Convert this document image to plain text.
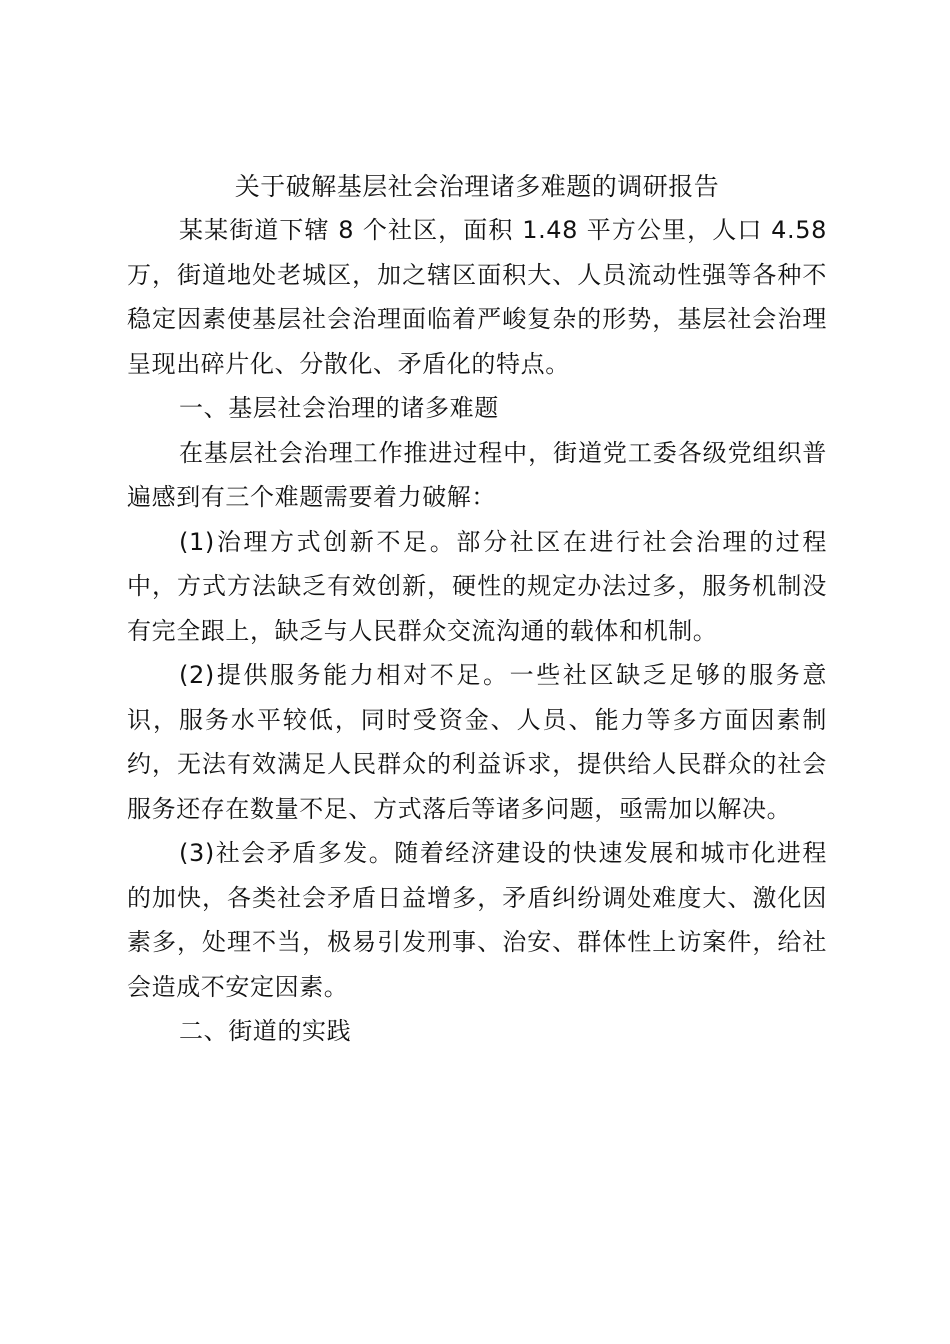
关于破解基层社会治理诸多难题的调研报告

某某街道下辖 8 个社区，面积 1.48 平方公里，人口 4.58 万，街道地处老城区，加之辖区面积大、人员流动性强等各种不稳定因素使基层社会治理面临着严峻复杂的形势，基层社会治理呈现出碎片化、分散化、矛盾化的特点。

一、基层社会治理的诸多难题

在基层社会治理工作推进过程中，街道党工委各级党组织普遍感到有三个难题需要着力破解：

(1)治理方式创新不足。部分社区在进行社会治理的过程中，方式方法缺乏有效创新，硬性的规定办法过多，服务机制没有完全跟上，缺乏与人民群众交流沟通的载体和机制。

(2)提供服务能力相对不足。一些社区缺乏足够的服务意识，服务水平较低，同时受资金、人员、能力等多方面因素制约，无法有效满足人民群众的利益诉求，提供给人民群众的社会服务还存在数量不足、方式落后等诸多问题，亟需加以解决。

(3)社会矛盾多发。随着经济建设的快速发展和城市化进程的加快，各类社会矛盾日益增多，矛盾纠纷调处难度大、激化因素多，处理不当，极易引发刑事、治安、群体性上访案件，给社会造成不安定因素。

二、街道的实践
